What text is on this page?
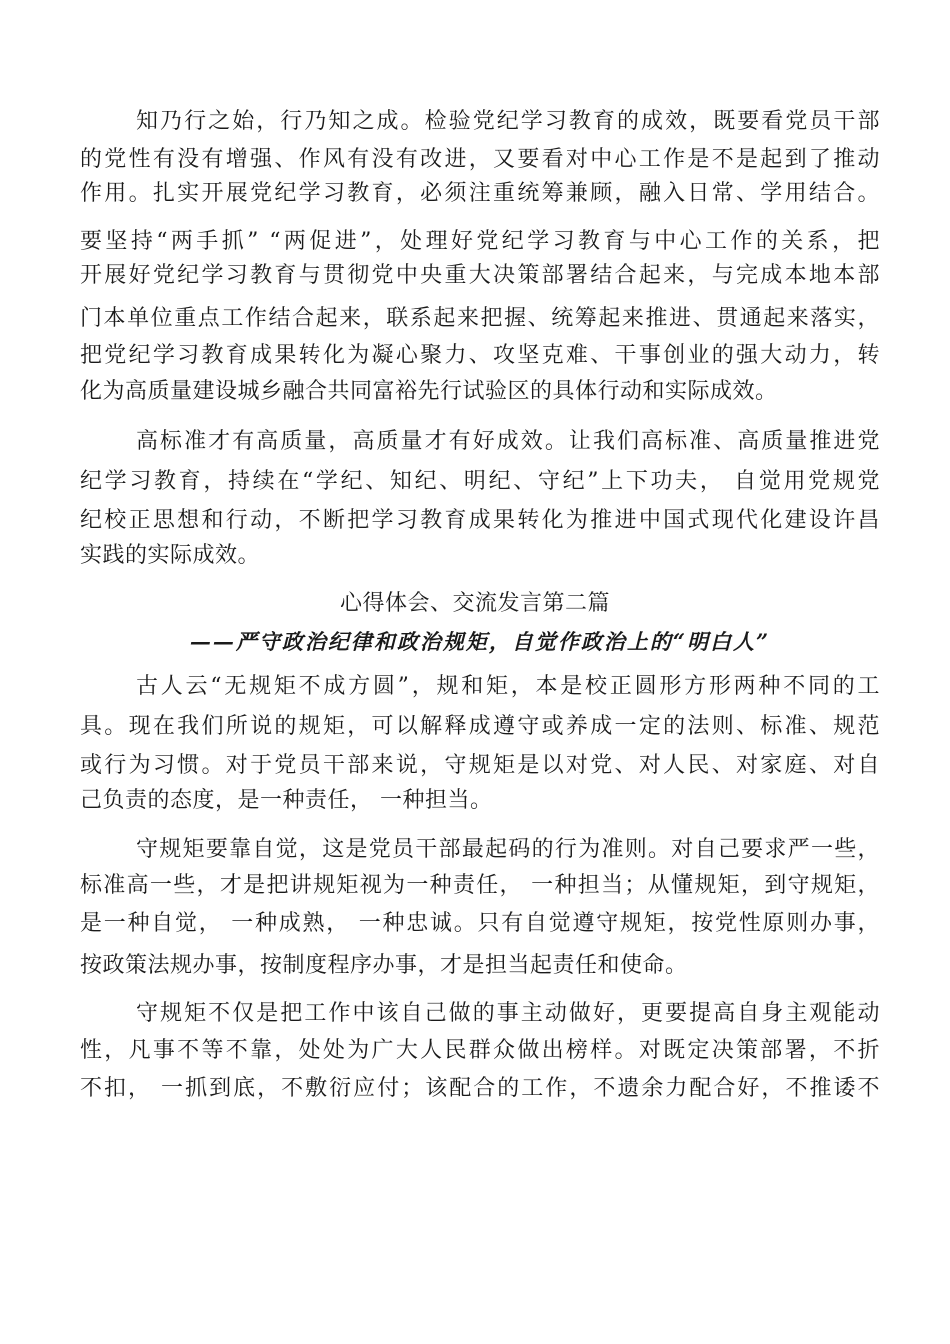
知乃行之始，行乃知之成。检验党纪学习教育的成效，既要看党员干部
的党性有没有增强、作风有没有改进，又要看对中心工作是不是起到了推动
作用。扎实开展党纪学习教育，必须注重统筹兼顾，融入日常、学用结合。
要坚持“两手抓” “两促进”，处理好党纪学习教育与中心工作的关系，把
开展好党纪学习教育与贯彻党中央重大决策部署结合起来，与完成本地本部
门本单位重点工作结合起来，联系起来把握、统筹起来推进、贯通起来落实，
把党纪学习教育成果转化为凝心聚力、攻坚克难、干事创业的强大动力，转
化为高质量建设城乡融合共同富裕先行试验区的具体行动和实际成效。
高标准才有高质量，高质量才有好成效。让我们高标准、高质量推进党
纪学习教育，持续在“学纪、知纪、明纪、守纪”上下功夫， 自觉用党规党
纪校正思想和行动，不断把学习教育成果转化为推进中国式现代化建设许昌
实践的实际成效。
心得体会、交流发言第二篇
——严守政治纪律和政治规矩，自觉作政治上的“明白人”
古人云“无规矩不成方圆”，规和矩，本是校正圆形方形两种不同的工
具。现在我们所说的规矩，可以解释成遵守或养成一定的法则、标准、规范
或行为习惯。对于党员干部来说，守规矩是以对党、对人民、对家庭、对自
己负责的态度，是一种责任， 一种担当。
守规矩要靠自觉，这是党员干部最起码的行为准则。对自己要求严一些，
标准高一些，才是把讲规矩视为一种责任， 一种担当；从懂规矩，到守规矩，
是一种自觉， 一种成熟， 一种忠诚。只有自觉遵守规矩，按党性原则办事，
按政策法规办事，按制度程序办事，才是担当起责任和使命。
守规矩不仅是把工作中该自己做的事主动做好，更要提高自身主观能动
性，凡事不等不靠，处处为广大人民群众做出榜样。对既定决策部署，不折
不扣， 一抓到底，不敷衍应付；该配合的工作，不遗余力配合好，不推诿不
